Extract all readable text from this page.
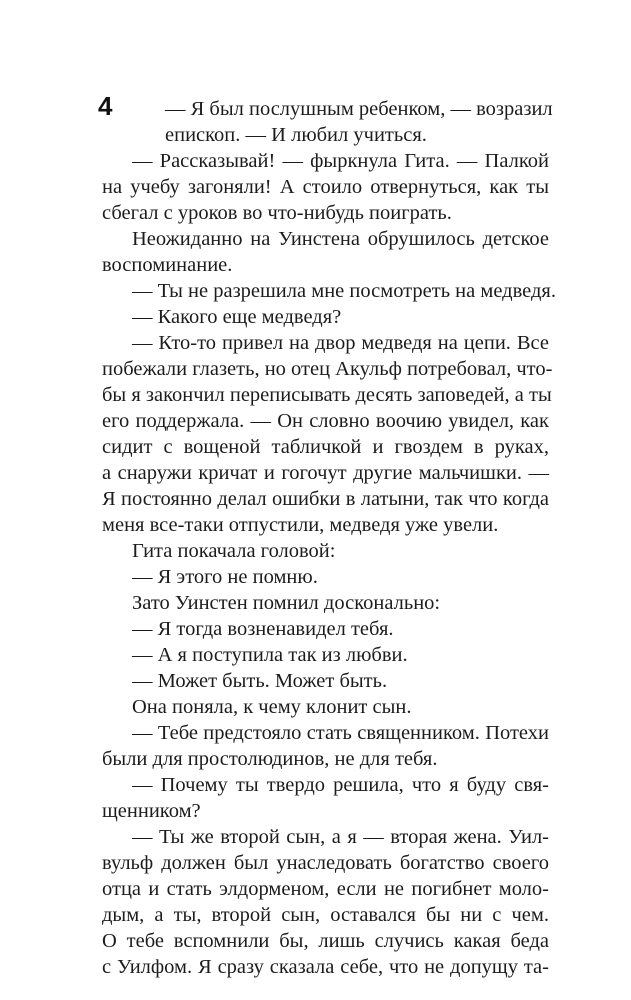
4	— Я был послушным ребенком, — возразил
епископ. — И любил учиться.
— Рассказывай! — фыркнула Гита. — Палкой
на учебу загоняли! А стоило отвернуться, как ты
сбегал с уроков во что-нибудь поиграть.
Неожиданно на Уинстена обрушилось детское
воспоминание.
— Ты не разрешила мне посмотреть на медведя.
— Какого еще медведя?
— Кто-то привел на двор медведя на цепи. Все
побежали глазеть, но отец Акульф потребовал, что-
бы я закончил переписывать десять заповедей, а ты
его поддержала. — Он словно воочию увидел, как
сидит с вощеной табличкой и гвоздем в руках,
а снаружи кричат и гогочут другие мальчишки. —
Я постоянно делал ошибки в латыни, так что когда
меня все-таки отпустили, медведя уже увели.
Гита покачала головой:
— Я этого не помню.
Зато Уинстен помнил досконально:
— Я тогда возненавидел тебя.
— А я поступила так из любви.
— Может быть. Может быть.
Она поняла, к чему клонит сын.
— Тебе предстояло стать священником. Потехи
были для простолюдинов, не для тебя.
— Почему ты твердо решила, что я буду свя-
щенником?
— Ты же второй сын, а я — вторая жена. Уил-
вульф должен был унаследовать богатство своего
отца и стать элдорменом, если не погибнет моло-
дым, а ты, второй сын, оставался бы ни с чем.
О тебе вспомнили бы, лишь случись какая беда
с Уилфом. Я сразу сказала себе, что не допущу та-
